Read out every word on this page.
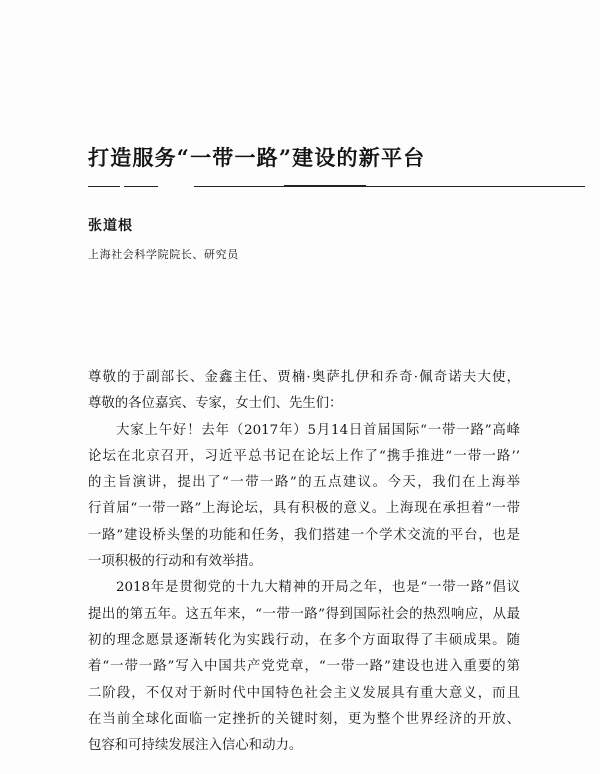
打造服务“一带一路”建设的新平台
张道根
上海社会科学院院长、研究员
尊敬的于副部长、金鑫主任、贾楠·奥萨扎伊和乔奇·佩奇诺夫大使，
尊敬的各位嘉宾、专家，女士们、先生们：
大家上午好！去年（2017年）5月14日首届国际“一带一路”高峰
论坛在北京召开，习近平总书记在论坛上作了“携手推进“一带一路’’
的主旨演讲，提出了“一带一路”的五点建议。今天，我们在上海举
行首届“一带一路”上海论坛，具有积极的意义。上海现在承担着“一带
一路”建设桥头堡的功能和任务，我们搭建一个学术交流的平台，也是
一项积极的行动和有效举措。
2018年是贯彻党的十九大精神的开局之年，也是“一带一路”倡议
提出的第五年。这五年来，“一带一路”得到国际社会的热烈响应，从最
初的理念愿景逐渐转化为实践行动，在多个方面取得了丰硕成果。随
着“一带一路”写入中国共产党党章，“一带一路”建设也进入重要的第
二阶段，不仅对于新时代中国特色社会主义发展具有重大意义，而且
在当前全球化面临一定挫折的关键时刻，更为整个世界经济的开放、
包容和可持续发展注入信心和动力。
